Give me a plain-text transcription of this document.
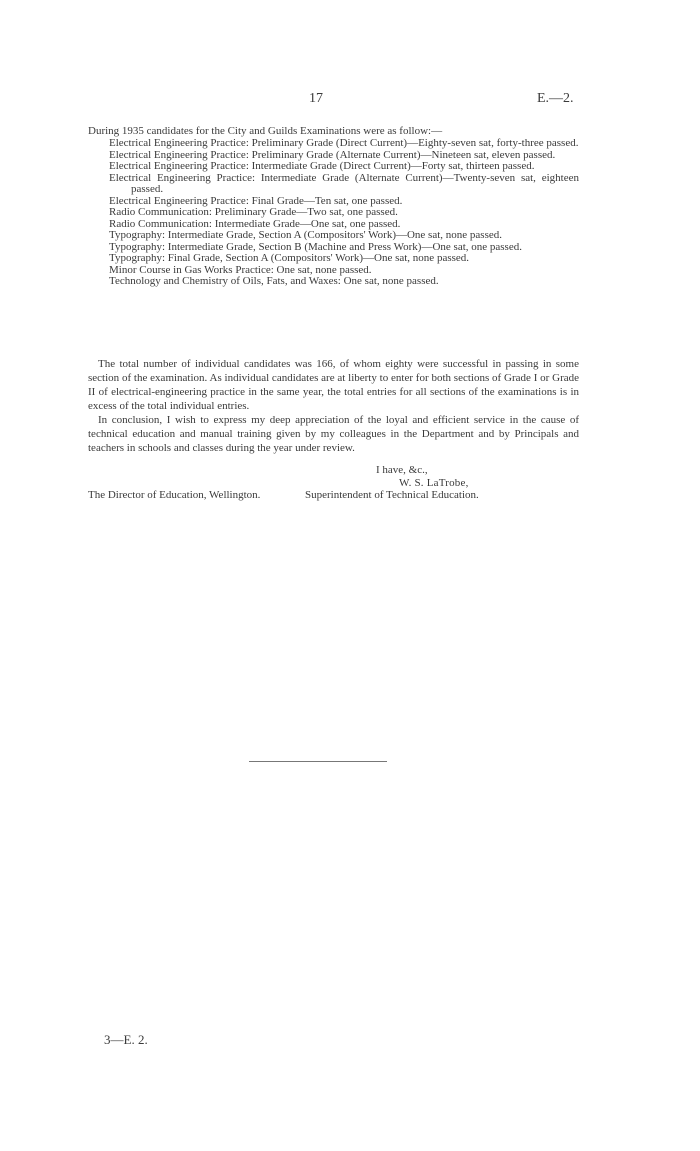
17	E.—2.
During 1935 candidates for the City and Guilds Examinations were as follow:—

Electrical Engineering Practice: Preliminary Grade (Direct Current)—Eighty-seven sat, forty-three passed.

Electrical Engineering Practice: Preliminary Grade (Alternate Current)—Nineteen sat, eleven passed.

Electrical Engineering Practice: Intermediate Grade (Direct Current)—Forty sat, thirteen passed.

Electrical Engineering Practice: Intermediate Grade (Alternate Current)—Twenty-seven sat, eighteen passed.

Electrical Engineering Practice: Final Grade—Ten sat, one passed.

Radio Communication: Preliminary Grade—Two sat, one passed.

Radio Communication: Intermediate Grade—One sat, one passed.

Typography: Intermediate Grade, Section A (Compositors' Work)—One sat, none passed.

Typography: Intermediate Grade, Section B (Machine and Press Work)—One sat, one passed.

Typography: Final Grade, Section A (Compositors' Work)—One sat, none passed.

Minor Course in Gas Works Practice: One sat, none passed.

Technology and Chemistry of Oils, Fats, and Waxes: One sat, none passed.

The total number of individual candidates was 166, of whom eighty were successful in passing in some section of the examination. As individual candidates are at liberty to enter for both sections of Grade I or Grade II of electrical-engineering practice in the same year, the total entries for all sections of the examinations is in excess of the total individual entries.

In conclusion, I wish to express my deep appreciation of the loyal and efficient service in the cause of technical education and manual training given by my colleagues in the Department and by Principals and teachers in schools and classes during the year under review.

I have, &c.,
W. S. LaTrobe,
The Director of Education, Wellington.	Superintendent of Technical Education.
3—E. 2.
